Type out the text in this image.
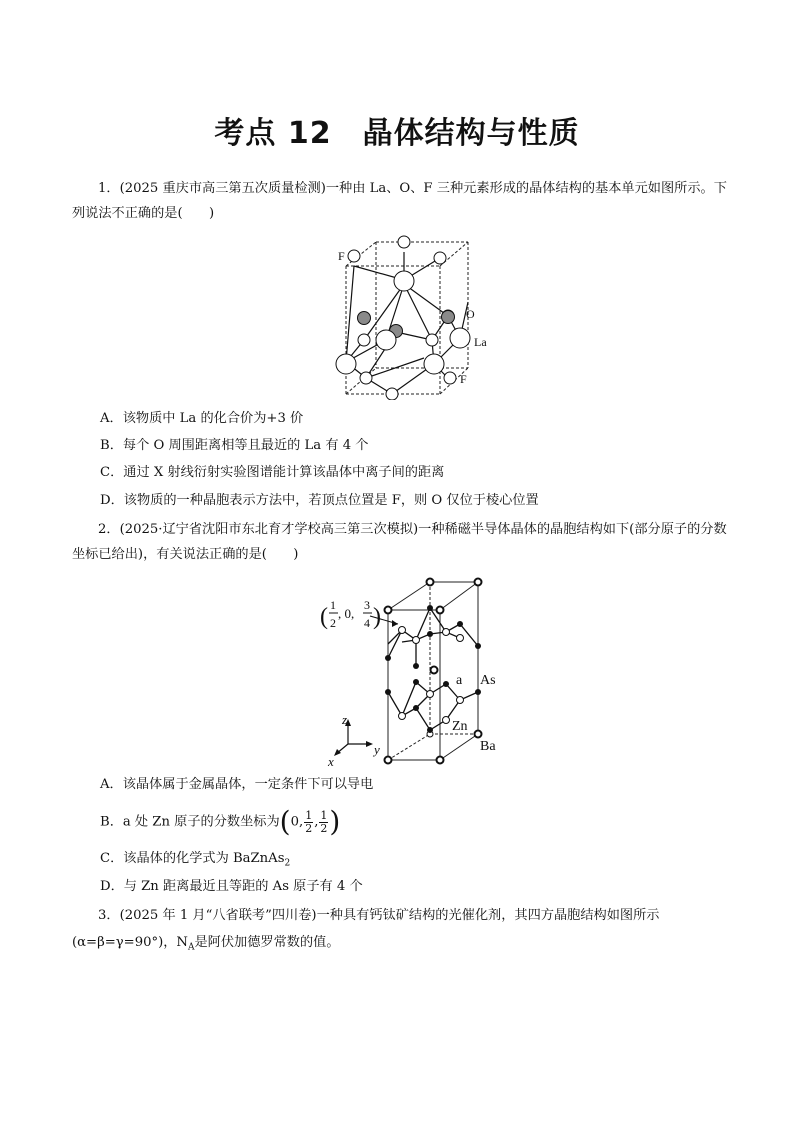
考点 12　晶体结构与性质
1．(2025 重庆市高三第五次质量检测)一种由 La、O、F 三种元素形成的晶体结构的基本单元如图所示。下列说法不正确的是(　　)
F
O
La
F
A．该物质中 La 的化合价为+3 价
B．每个 O 周围距离相等且最近的 La 有 4 个
C．通过 X 射线衍射实验图谱能计算该晶体中离子间的距离
D．该物质的一种晶胞表示方法中，若顶点位置是 F，则 O 仅位于棱心位置
2．(2025·辽宁省沈阳市东北育才学校高三第三次模拟)一种稀磁半导体晶体的晶胞结构如下(部分原子的分数坐标已给出)，有关说法正确的是(　　)
z
y
x
( 1
2
, 0,
3
4 )
a As
Zn
Ba
A．该晶体属于金属晶体，一定条件下可以导电
B．a 处 Zn 原子的分数坐标为(0, $\frac{1}{2}$ , $\frac{1}{2}$ )
C．该晶体的化学式为 BaZnAs$_2$
D．与 Zn 距离最近且等距的 As 原子有 4 个
3．(2025 年 1 月“八省联考”四川卷)一种具有钙钛矿结构的光催化剂，其四方晶胞结构如图所示
(α=β=γ=90°)，$N_A$是阿伏加德罗常数的值。
